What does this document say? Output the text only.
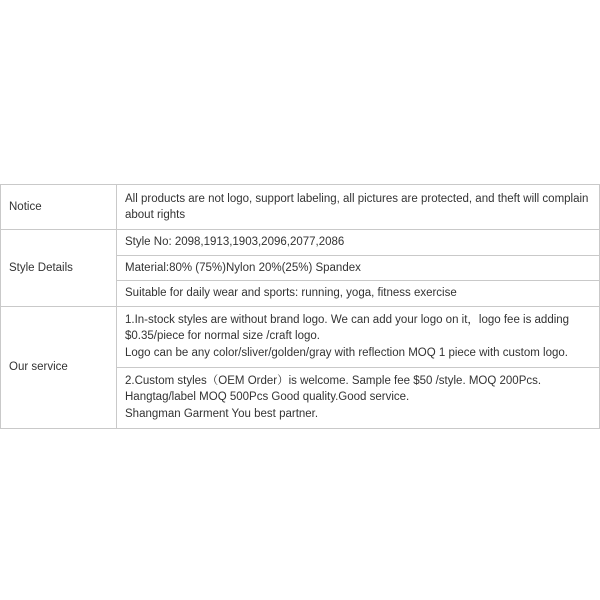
Notice	All products are not logo, support labeling, all pictures are protected, and theft will complain about rights
Style Details	Style No: 2098,1913,1903,2096,2077,2086
	Material:80% (75%)Nylon 20%(25%) Spandex
	Suitable for daily wear and sports: running, yoga, fitness exercise
Our service	1.In-stock styles are without brand logo. We can add your logo on it，logo fee is adding $0.35/piece for normal size /craft logo.
Logo can be any color/sliver/golden/gray with reflection MOQ 1 piece with custom logo.

	2.Custom styles（OEM Order）is welcome. Sample fee $50 /style. MOQ 200Pcs.
Hangtag/label MOQ 500Pcs Good quality.Good service.
Shangman Garment You best partner.
